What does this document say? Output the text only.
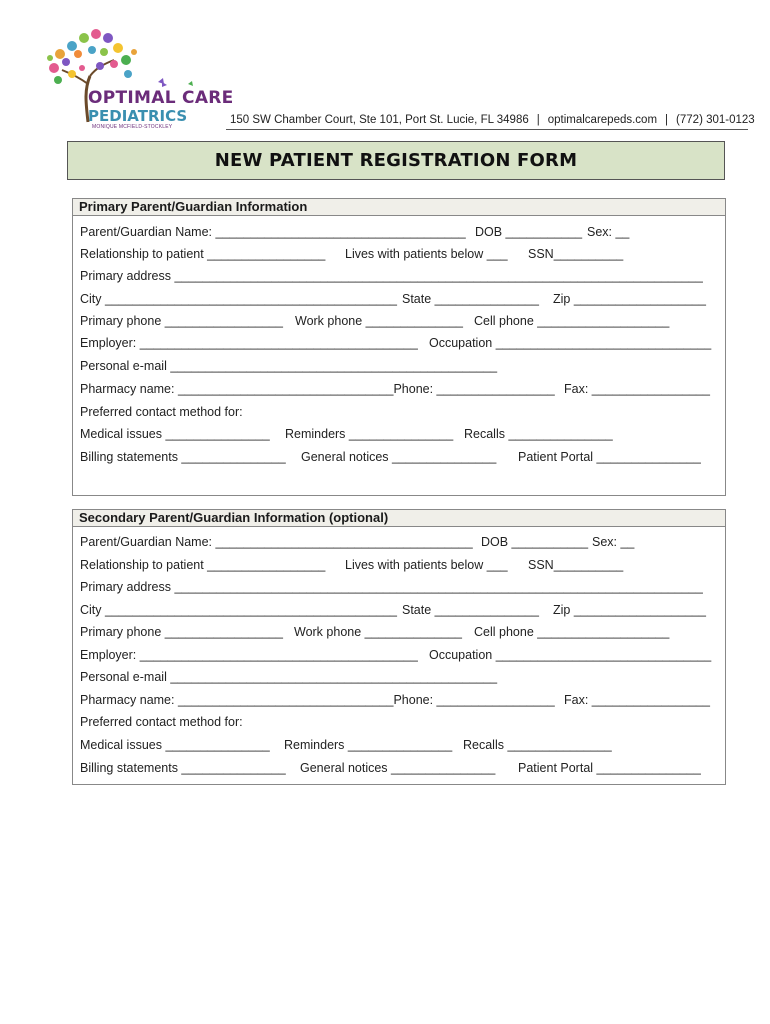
OPTIMAL CARE
PEDIATRICS
MONIQUE MCFIELD-STOCKLEY
150 SW Chamber Court, Ste 101, Port St. Lucie, FL 34986 | optimalcarepeds.com | (772) 301-0123
NEW PATIENT REGISTRATION FORM
Primary Parent/Guardian Information
Parent/Guardian Name: ____________________________________ DOB ___________ Sex: __
Relationship to patient _________________ Lives with patients below ___ SSN__________
Primary address ____________________________________________________________________________
City __________________________________________ State _______________ Zip ___________________
Primary phone _________________ Work phone ______________ Cell phone ___________________
Employer: ________________________________________ Occupation _______________________________
Personal e-mail _______________________________________________
Pharmacy name: _______________________________Phone: _________________ Fax: _________________
Preferred contact method for:
Medical issues _______________ Reminders _______________ Recalls _______________
Billing statements _______________ General notices _______________ Patient Portal _______________
Secondary Parent/Guardian Information (optional)
Parent/Guardian Name: _____________________________________ DOB ___________ Sex: __
Relationship to patient _________________ Lives with patients below ___ SSN__________
Primary address ____________________________________________________________________________
City __________________________________________ State _______________ Zip ___________________
Primary phone _________________ Work phone ______________ Cell phone ___________________
Employer: ________________________________________ Occupation _______________________________
Personal e-mail _______________________________________________
Pharmacy name: _______________________________Phone: _________________ Fax: _________________
Preferred contact method for:
Medical issues _______________ Reminders _______________ Recalls _______________
Billing statements _______________ General notices _______________ Patient Portal _______________
